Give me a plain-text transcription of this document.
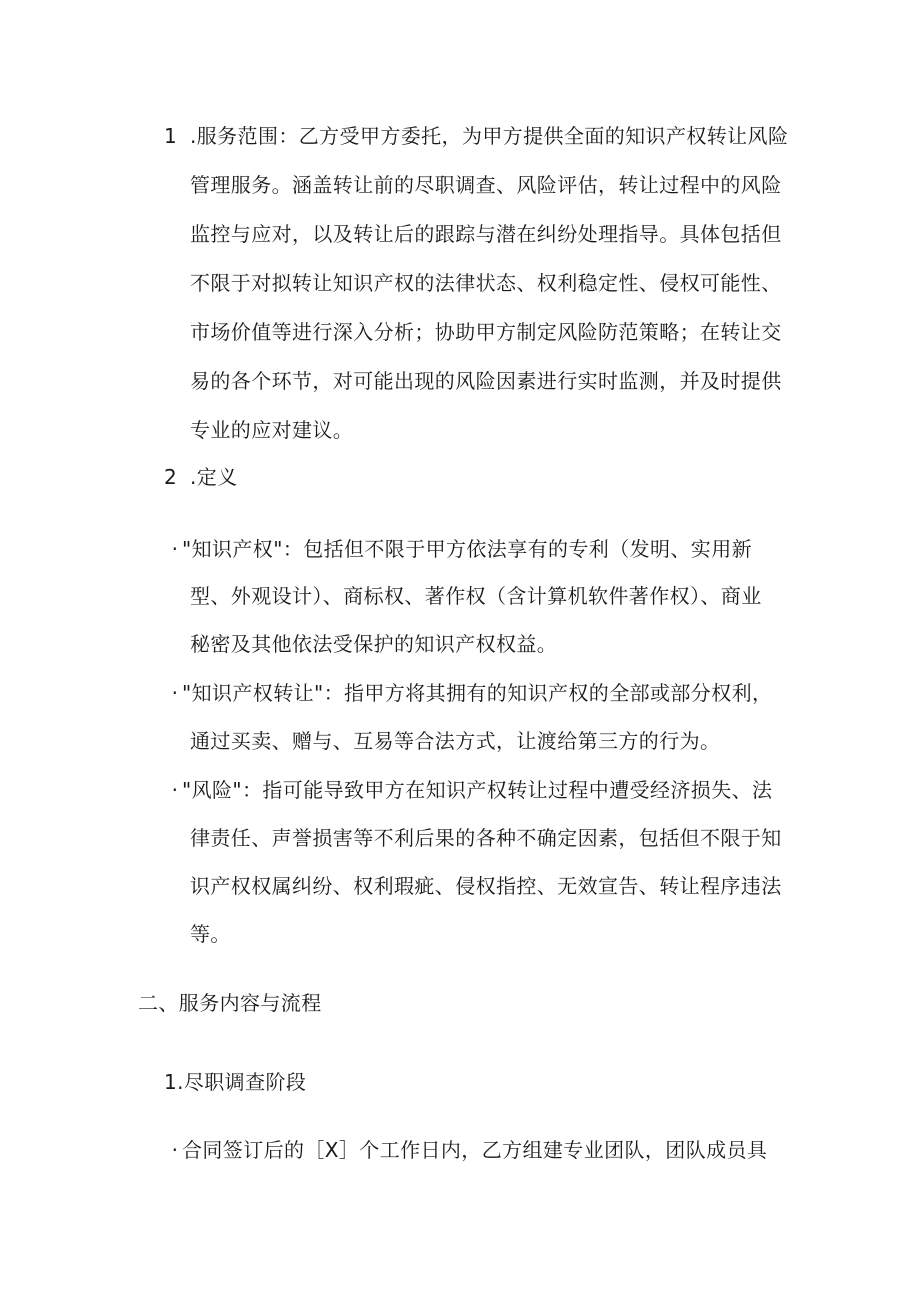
1 .服务范围：乙方受甲方委托，为甲方提供全面的知识产权转让风险
管理服务。涵盖转让前的尽职调查、风险评估，转让过程中的风险
监控与应对，以及转让后的跟踪与潜在纠纷处理指导。具体包括但
不限于对拟转让知识产权的法律状态、权利稳定性、侵权可能性、
市场价值等进行深入分析；协助甲方制定风险防范策略；在转让交
易的各个环节，对可能出现的风险因素进行实时监测，并及时提供
专业的应对建议。
2 .定义
· "知识产权"：包括但不限于甲方依法享有的专利（发明、实用新
型、外观设计）、商标权、著作权（含计算机软件著作权）、商业
秘密及其他依法受保护的知识产权权益。
· "知识产权转让"：指甲方将其拥有的知识产权的全部或部分权利，
通过买卖、赠与、互易等合法方式，让渡给第三方的行为。
· "风险"：指可能导致甲方在知识产权转让过程中遭受经济损失、法
律责任、声誉损害等不利后果的各种不确定因素，包括但不限于知
识产权权属纠纷、权利瑕疵、侵权指控、无效宣告、转让程序违法
等。
二、服务内容与流程
1.尽职调查阶段
· 合同签订后的［X］个工作日内，乙方组建专业团队，团队成员具
